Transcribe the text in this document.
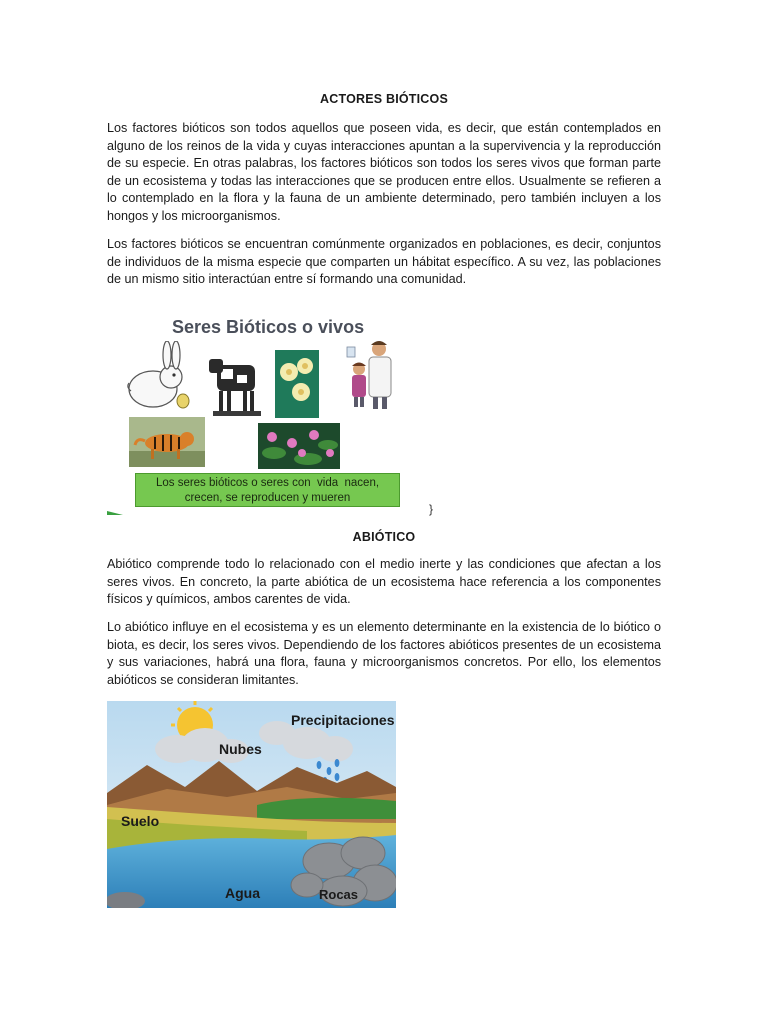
ACTORES BIÓTICOS

Los factores bióticos son todos aquellos que poseen vida, es decir, que están contemplados en alguno de los reinos de la vida y cuyas interacciones apuntan a la supervivencia y la reproducción de su especie. En otras palabras, los factores bióticos son todos los seres vivos que forman parte de un ecosistema y todas las interacciones que se producen entre ellos. Usualmente se refieren a lo contemplado en la flora y la fauna de un ambiente determinado, pero también incluyen a los hongos y los microorganismos.

Los factores bióticos se encuentran comúnmente organizados en poblaciones, es decir, conjuntos de individuos de la misma especie que comparten un hábitat específico. A su vez, las poblaciones de un mismo sitio interactúan entre sí formando una comunidad.

Seres Bióticos o vivos
Los seres bióticos o seres con  vida  nacen,
crecen, se reproducen y mueren
}
ABIÓTICO

Abiótico comprende todo lo relacionado con el medio inerte y las condiciones que afectan a los seres vivos. En concreto, la parte abiótica de un ecosistema hace referencia a los componentes físicos y químicos, ambos carentes de vida.

Lo abiótico influye en el ecosistema y es un elemento determinante en la existencia de lo biótico o biota, es decir, los seres vivos. Dependiendo de los factores abióticos presentes de un ecosistema y sus variaciones, habrá una flora, fauna y microorganismos concretos. Por ello, los elementos abióticos se consideran limitantes.

Precipitaciones
Nubes
Suelo
Agua	Rocas
